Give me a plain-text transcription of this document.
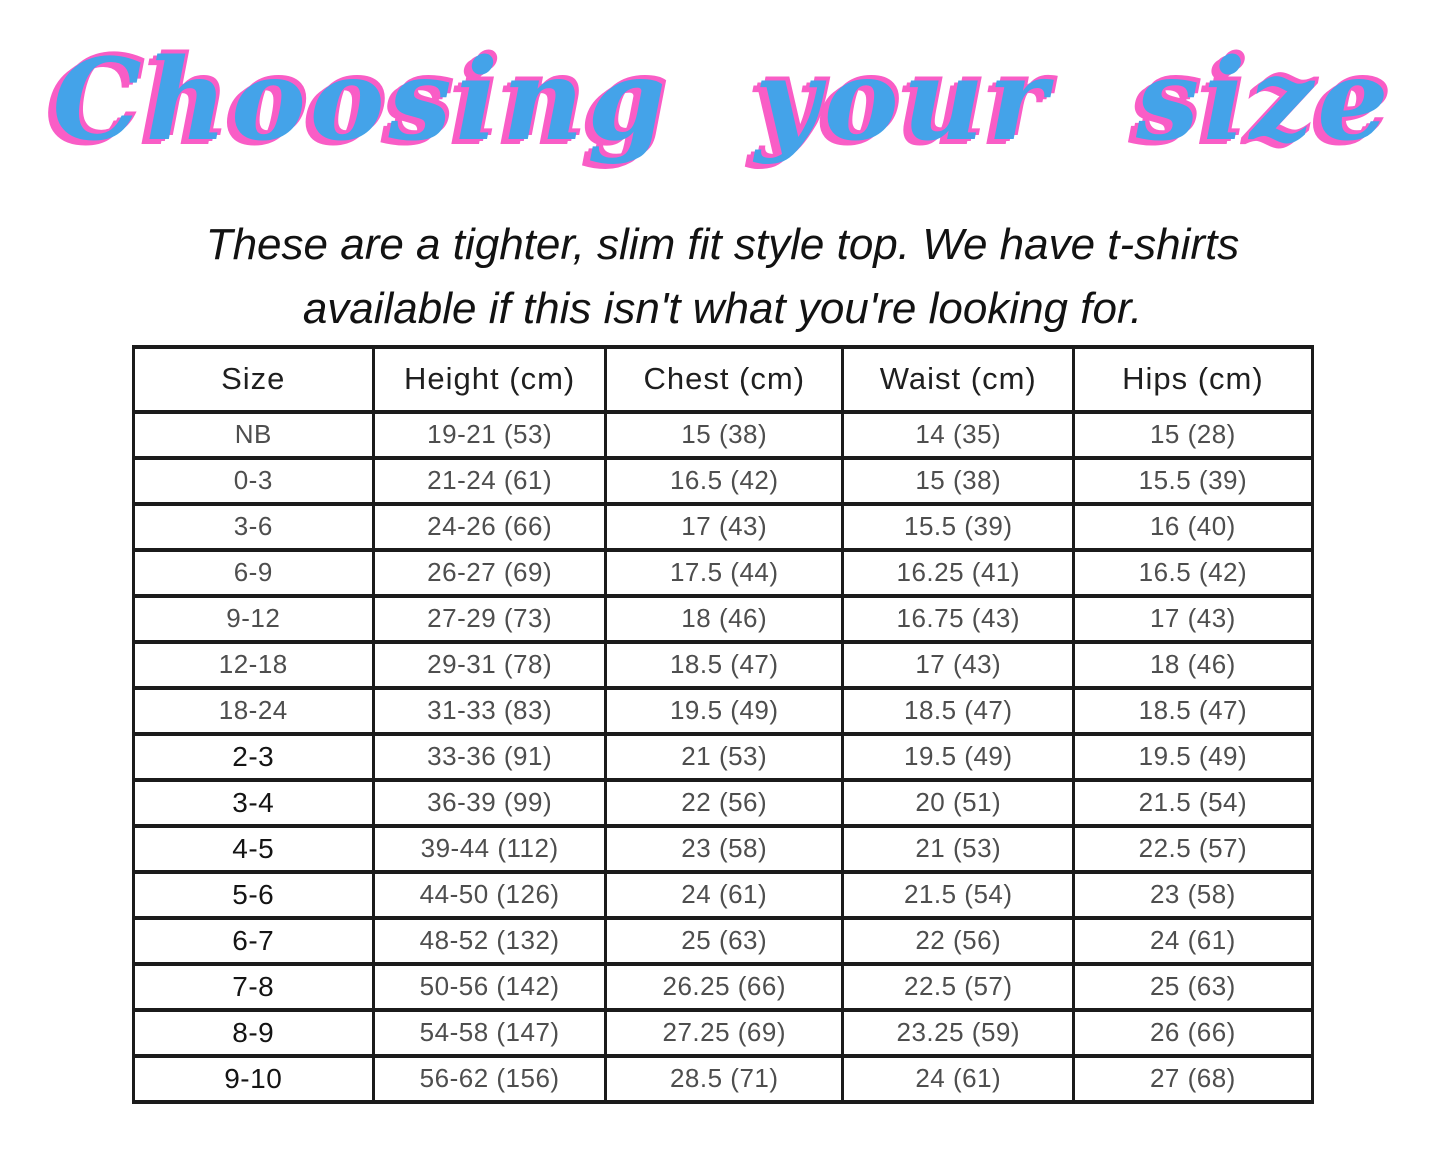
Choosing your size
These are a tighter, slim fit style top. We have t-shirts
available if this isn't what you're looking for.
Size	Height (cm)	Chest (cm)	Waist (cm)	Hips (cm)
NB	19-21 (53)	15 (38)	14 (35)	15 (28)
0-3	21-24 (61)	16.5 (42)	15 (38)	15.5 (39)
3-6	24-26 (66)	17 (43)	15.5 (39)	16 (40)
6-9	26-27 (69)	17.5 (44)	16.25 (41)	16.5 (42)
9-12	27-29 (73)	18 (46)	16.75 (43)	17 (43)
12-18	29-31 (78)	18.5 (47)	17 (43)	18 (46)
18-24	31-33 (83)	19.5 (49)	18.5 (47)	18.5 (47)
2-3	33-36 (91)	21 (53)	19.5 (49)	19.5 (49)
3-4	36-39 (99)	22 (56)	20 (51)	21.5 (54)
4-5	39-44 (112)	23 (58)	21 (53)	22.5 (57)
5-6	44-50 (126)	24 (61)	21.5 (54)	23 (58)
6-7	48-52 (132)	25 (63)	22 (56)	24 (61)
7-8	50-56 (142)	26.25 (66)	22.5 (57)	25 (63)
8-9	54-58 (147)	27.25 (69)	23.25 (59)	26 (66)
9-10	56-62 (156)	28.5 (71)	24 (61)	27 (68)
